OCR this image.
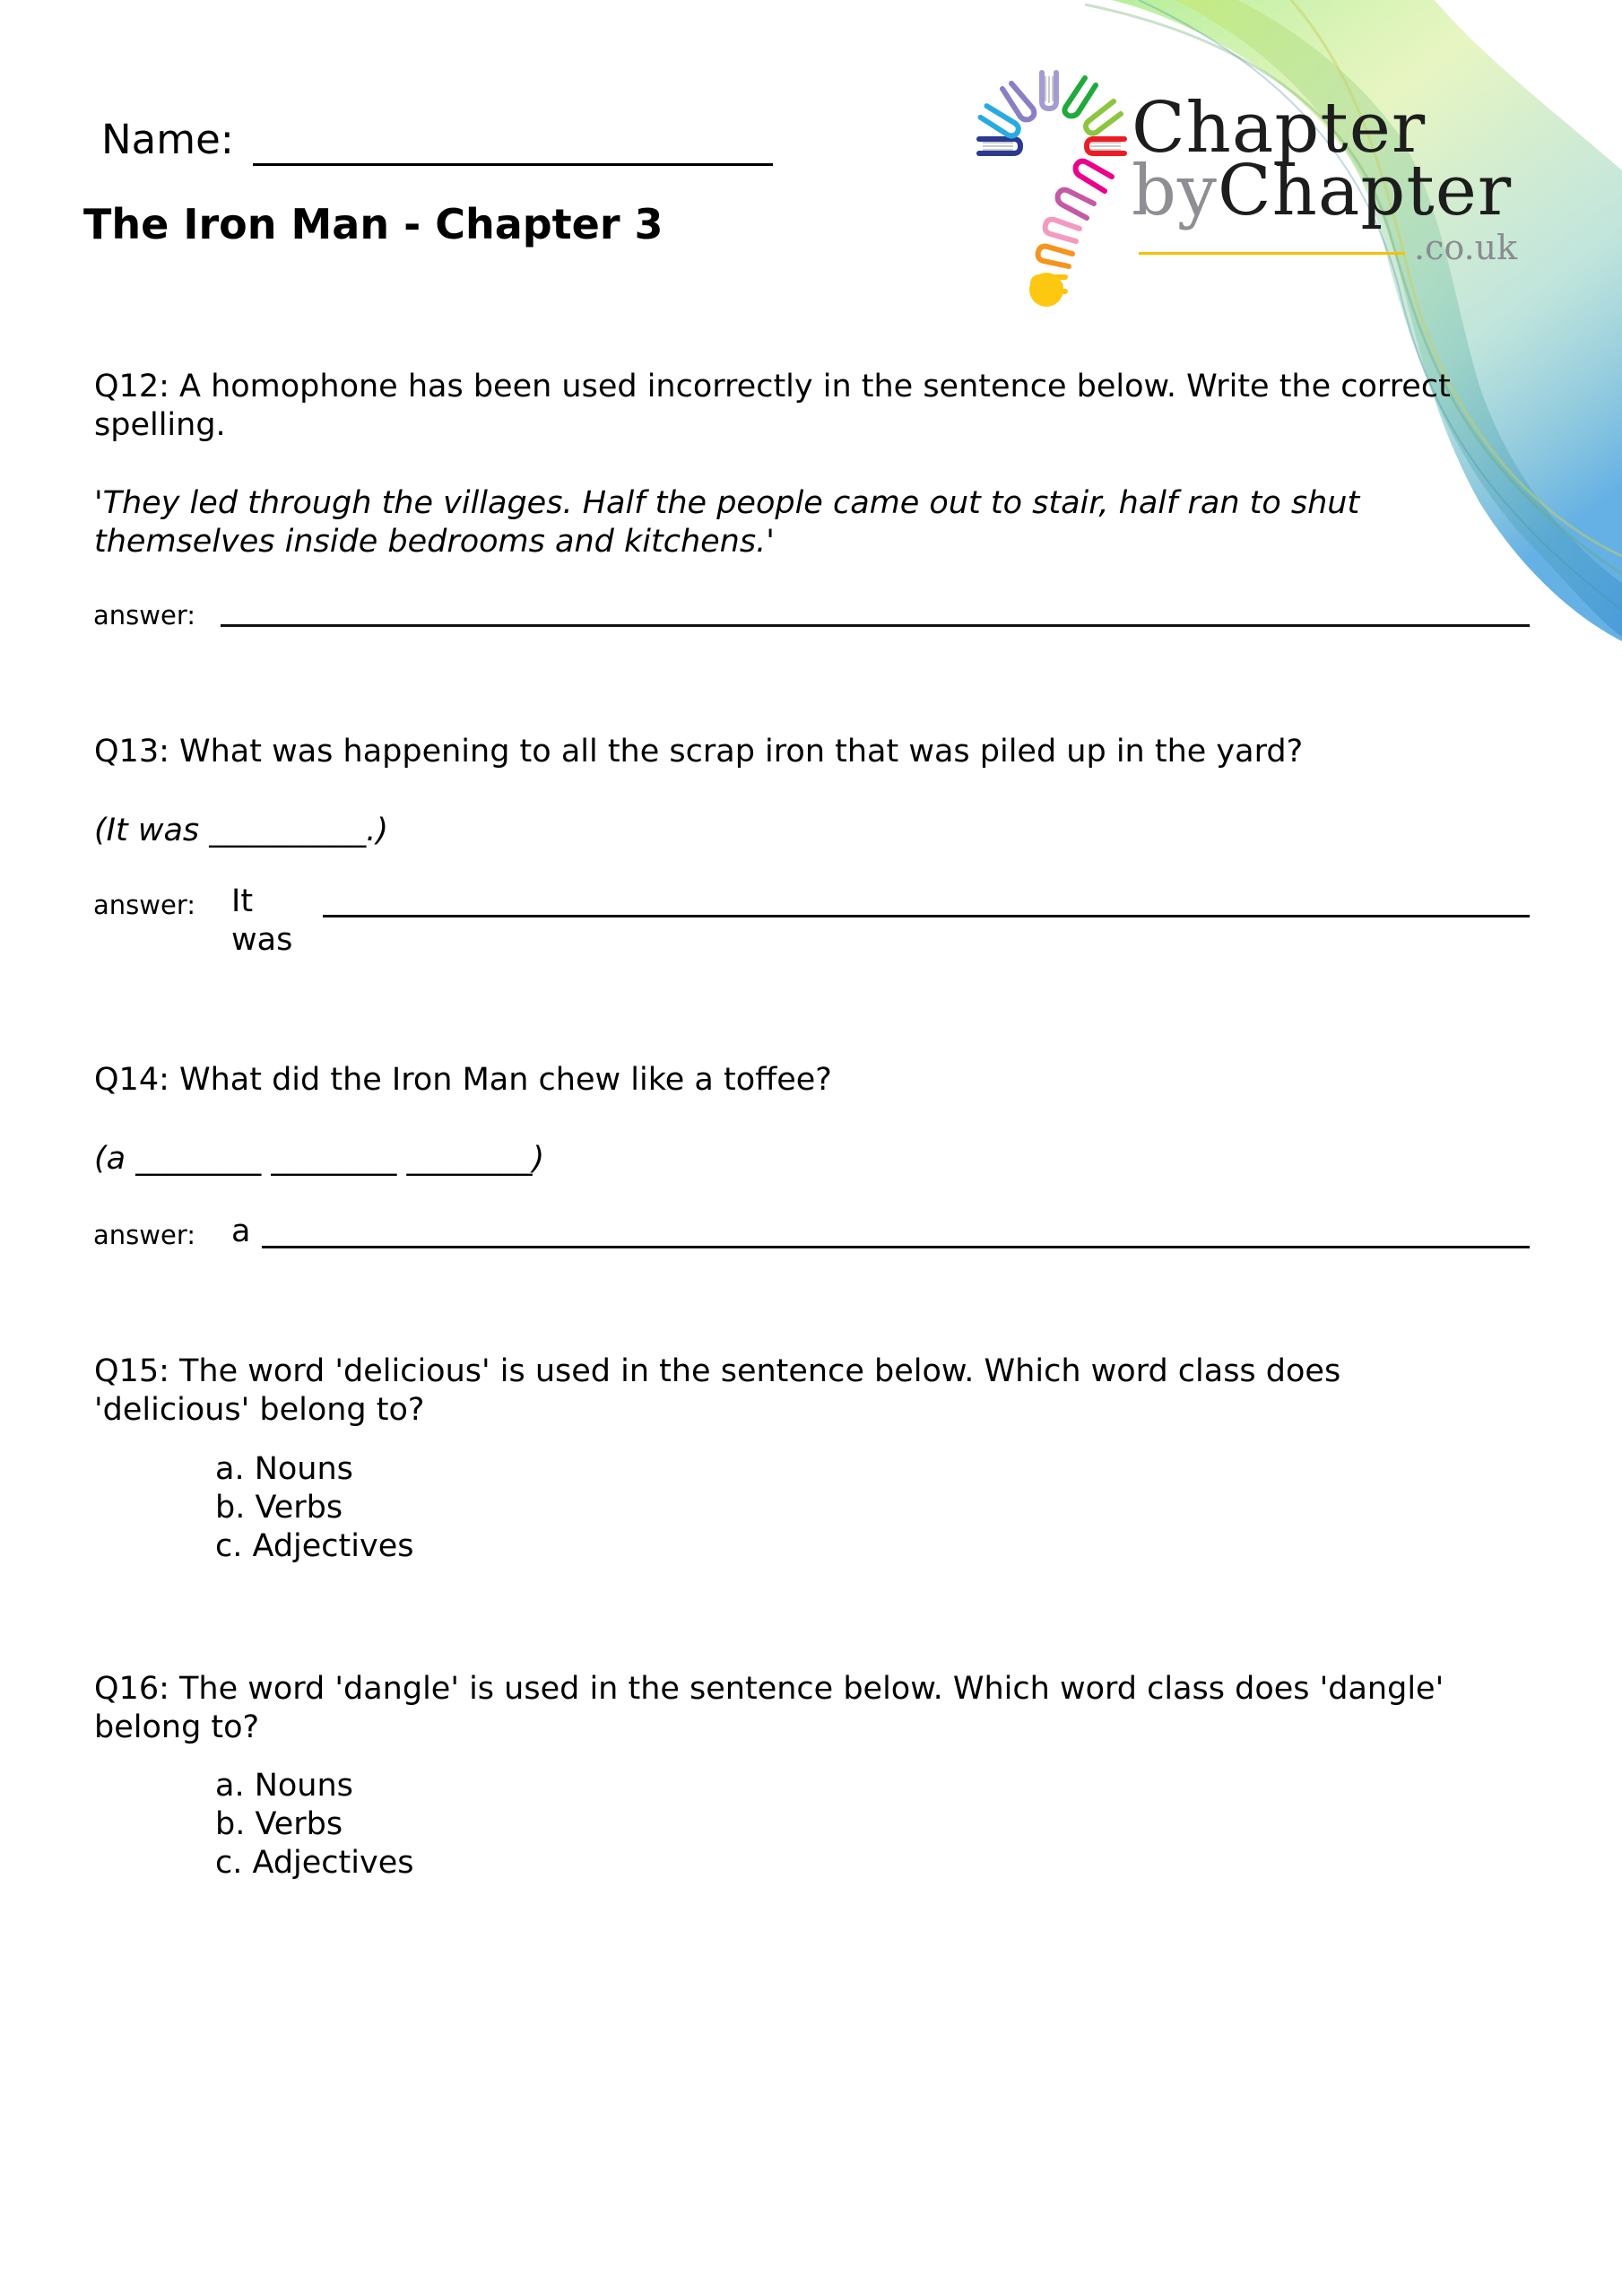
Name:
The Iron Man - Chapter 3
Chapter
byChapter
.co.uk
Q12: A homophone has been used incorrectly in the sentence below. Write the correct
spelling.
'They led through the villages. Half the people came out to stair, half ran to shut
themselves inside bedrooms and kitchens.'
answer:
Q13: What was happening to all the scrap iron that was piled up in the yard?
(It was __________.)
answer: It
was
Q14: What did the Iron Man chew like a toffee?
(a ________ ________ ________)
answer: a
Q15: The word 'delicious' is used in the sentence below. Which word class does
'delicious' belong to?
a. Nouns
b. Verbs
c. Adjectives
Q16: The word 'dangle' is used in the sentence below. Which word class does 'dangle'
belong to?
a. Nouns
b. Verbs
c. Adjectives
